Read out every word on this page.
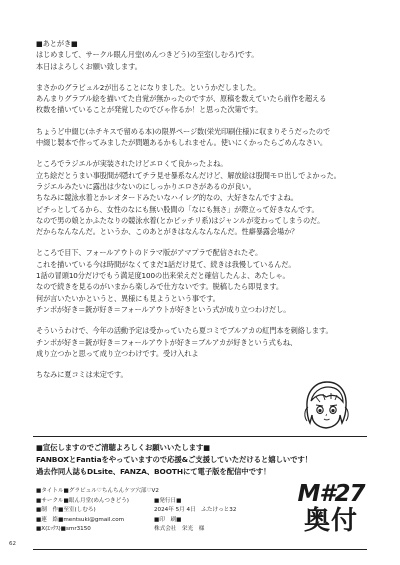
■あとがき■
はじめまして、サークル眼ん月堂(めんつきどう)の至室(しむろ)です。
本日はよろしくお願い致します。
まさかのグラビュル2が出ることになりました。というかだしました。
あんまりグラブル絵を描いてた自覚が無かったのですが、原稿を数えていたら前作を超える
枚数を描いていることが発覚したのでびゃ作るか！と思った次第です。
ちょうど中綴じ(ホチキスで留める本)の限界ページ数(栄光印刷住様)に収まりそうだったので
中綴じ製本で作ってみましたが問題あるかもしれません。使いにくかったらごめんなさい。
ところでラジエルが実装されたけどエロくて良かったよね。
立ち絵だとうまい事股間が隠れてチラ見せ暴系なんだけど、解放絵は股間モロ出しでよかった。
ラジエルみたいに露出は少ないのにしっかりエロさがあるのが良い。
ちなみに競泳水着とかレオタードみたいなハイレグ的なの、大好きなんですよね。
ピチっとしてるから、女性のなにも無い股間の「なにも無さ」が際立って好きなんです。
なので男の娘とかふたなりの競泳水着(とかピッチリ系)はジャンルが変わってしまうのだ。
だからなんなんだ。というか、このあとがきはなんなんなんだ。性癖暴露会場か？
ところで目下、フォールアウトのドラマ版がアマプラで配信されたぞ。
これを描いている今は時間がなくてまだ1話だけ見て、続きは我慢しているんだ。
1話の冒頭10分だけでもう満足度100の出来栄えだと確信したんよ、あたしゃ。
なので続きを見るのがいまから楽しみで仕方ないです。脱稿したら即見ます。
何が言いたいかというと、異様にも見ようという事です。
チンポが好き＝銃が好き＝フォールアウトが好きという式が成り立つわけだし。
そういうわけで、今年の活動予定は受かっていたら夏コミでブルアカの紅門本を刺絡します。
チンポが好き＝銃が好き＝フォールアウトが好き＝ブルアカが好きという式もね、
成り立つかと思って成り立つわけです。受け入れよ
ちなみに夏コミは未定です。
■宣伝しますのでご清聴よろしくお願いいたします■
FANBOXとFantiaをやっていますので応援&ご支援していただけると嬉しいです！
過去作同人誌もDLsite、FANZA、BOOTHにて電子版を配信中です！
■タイトル■グラビュル♡ちんちんケツ穴部♡V2
■サークル■眼ん月堂(めんつきどう)	■発行日■
■制　作■至室(しむろ)	2024年 5月 4日　ふたけっと32
■連　絡■mentsuki@gmail.com	■印　刷■
■X(ｴｯｸｽ)■smr3150	株式会社　栄光　様
M#27
奥付
62
